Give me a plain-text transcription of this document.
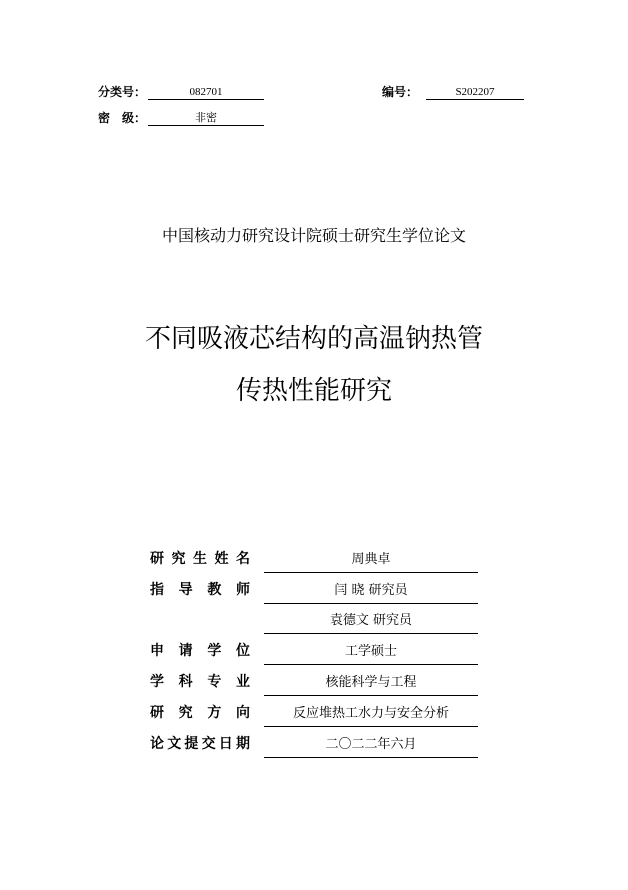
分类号：	082701	编号：	S202207
密　级：	非密
中国核动力研究设计院硕士研究生学位论文
不同吸液芯结构的高温钠热管
传热性能研究
研究生姓名	周典卓
指导教师	闫 晓 研究员
袁德文 研究员
申请学位	工学硕士
学科专业	核能科学与工程
研究方向	反应堆热工水力与安全分析
论文提交日期	二〇二二年六月
